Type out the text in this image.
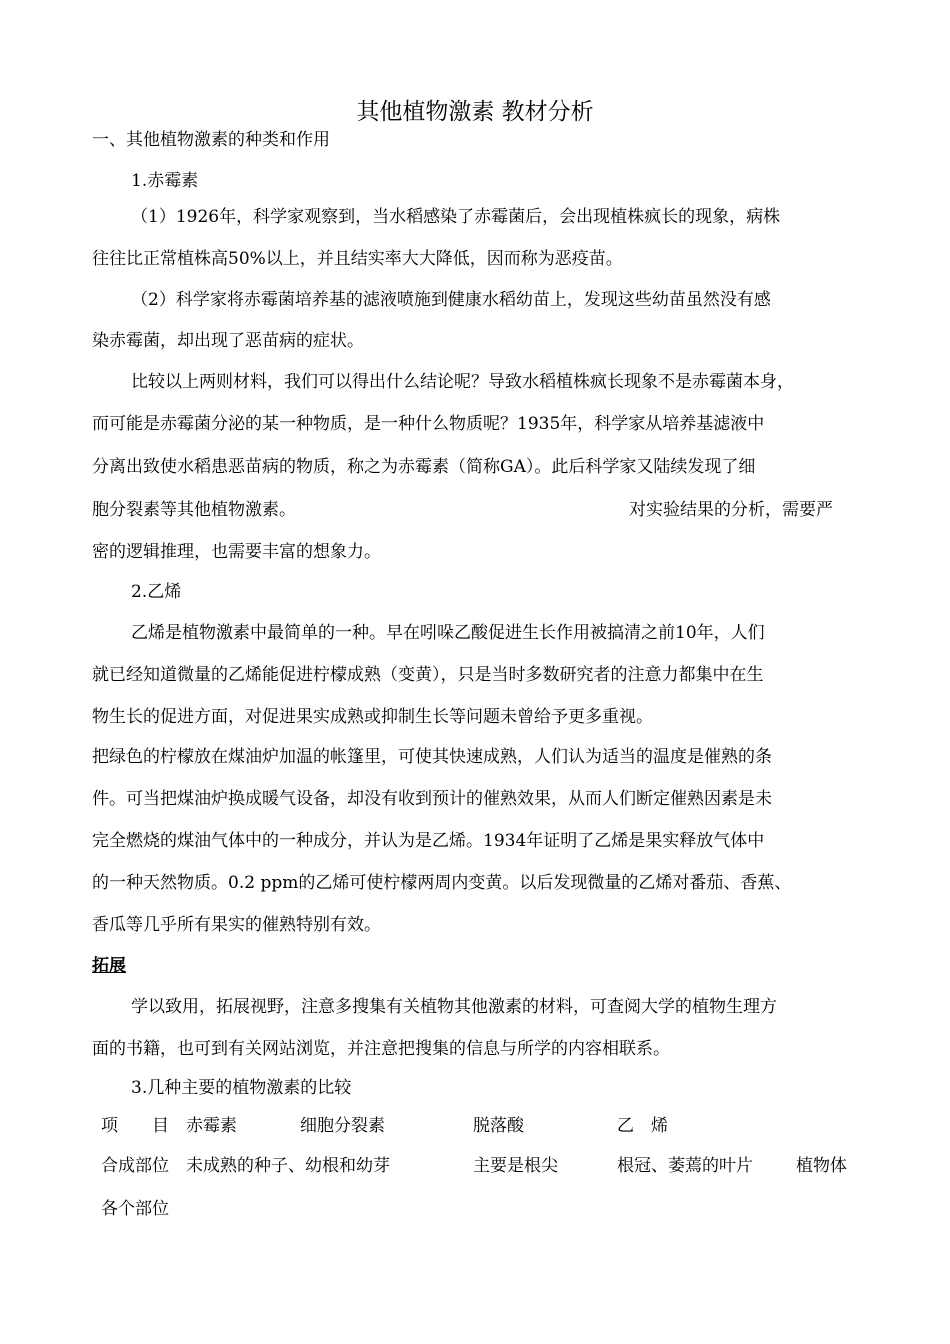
其他植物激素 教材分析
一、其他植物激素的种类和作用
1.赤霉素
（1）1926年，科学家观察到，当水稻感染了赤霉菌后，会出现植株疯长的现象，病株
往往比正常植株高50%以上，并且结实率大大降低，因而称为恶疫苗。
（2）科学家将赤霉菌培养基的滤液喷施到健康水稻幼苗上，发现这些幼苗虽然没有感
染赤霉菌，却出现了恶苗病的症状。
比较以上两则材料，我们可以得出什么结论呢？导致水稻植株疯长现象不是赤霉菌本身，
而可能是赤霉菌分泌的某一种物质，是一种什么物质呢？1935年，科学家从培养基滤液中
分离出致使水稻患恶苗病的物质，称之为赤霉素（简称GA）。此后科学家又陆续发现了细
胞分裂素等其他植物激素。	对实验结果的分析，需要严
密的逻辑推理，也需要丰富的想象力。
2.乙烯
乙烯是植物激素中最简单的一种。早在吲哚乙酸促进生长作用被搞清之前10年，人们
就已经知道微量的乙烯能促进柠檬成熟（变黄），只是当时多数研究者的注意力都集中在生
物生长的促进方面，对促进果实成熟或抑制生长等问题未曾给予更多重视。
把绿色的柠檬放在煤油炉加温的帐篷里，可使其快速成熟，人们认为适当的温度是催熟的条
件。可当把煤油炉换成暖气设备，却没有收到预计的催熟效果，从而人们断定催熟因素是未
完全燃烧的煤油气体中的一种成分，并认为是乙烯。1934年证明了乙烯是果实释放气体中
的一种天然物质。0.2 ppm的乙烯可使柠檬两周内变黄。以后发现微量的乙烯对番茄、香蕉、
香瓜等几乎所有果实的催熟特别有效。
拓展
学以致用，拓展视野，注意多搜集有关植物其他激素的材料，可查阅大学的植物生理方
面的书籍，也可到有关网站浏览，并注意把搜集的信息与所学的内容相联系。
3.几种主要的植物激素的比较
项　　目 赤霉素	细胞分裂素	脱落酸	乙　烯
合成部位 未成熟的种子、幼根和幼芽	主要是根尖	根冠、萎蔫的叶片	植物体
各个部位
